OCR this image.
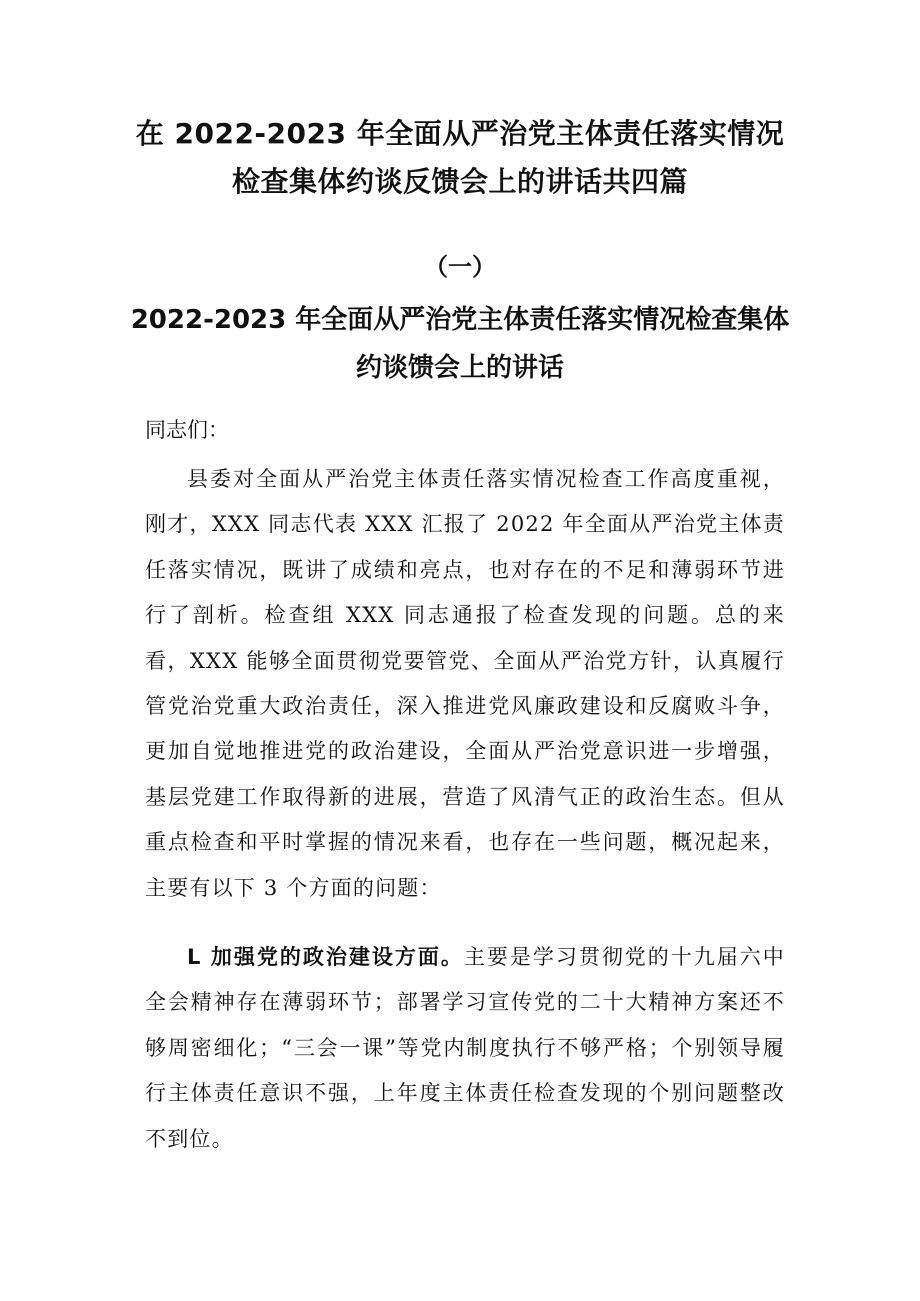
在 2022-2023 年全面从严治党主体责任落实情况
检查集体约谈反馈会上的讲话共四篇
（一）
2022-2023 年全面从严治党主体责任落实情况检查集体
约谈馈会上的讲话
同志们：

县委对全面从严治党主体责任落实情况检查工作高度重视，刚才，XXX 同志代表 XXX 汇报了 2022 年全面从严治党主体责任落实情况，既讲了成绩和亮点，也对存在的不足和薄弱环节进行了剖析。检查组 XXX 同志通报了检查发现的问题。总的来看，XXX 能够全面贯彻党要管党、全面从严治党方针，认真履行管党治党重大政治责任，深入推进党风廉政建设和反腐败斗争，更加自觉地推进党的政治建设，全面从严治党意识进一步增强，基层党建工作取得新的进展，营造了风清气正的政治生态。但从重点检查和平时掌握的情况来看，也存在一些问题，概况起来，主要有以下 3 个方面的问题：

L 加强党的政治建设方面。主要是学习贯彻党的十九届六中全会精神存在薄弱环节；部署学习宣传党的二十大精神方案还不够周密细化；“三会一课”等党内制度执行不够严格；个别领导履行主体责任意识不强，上年度主体责任检查发现的个别问题整改不到位。
